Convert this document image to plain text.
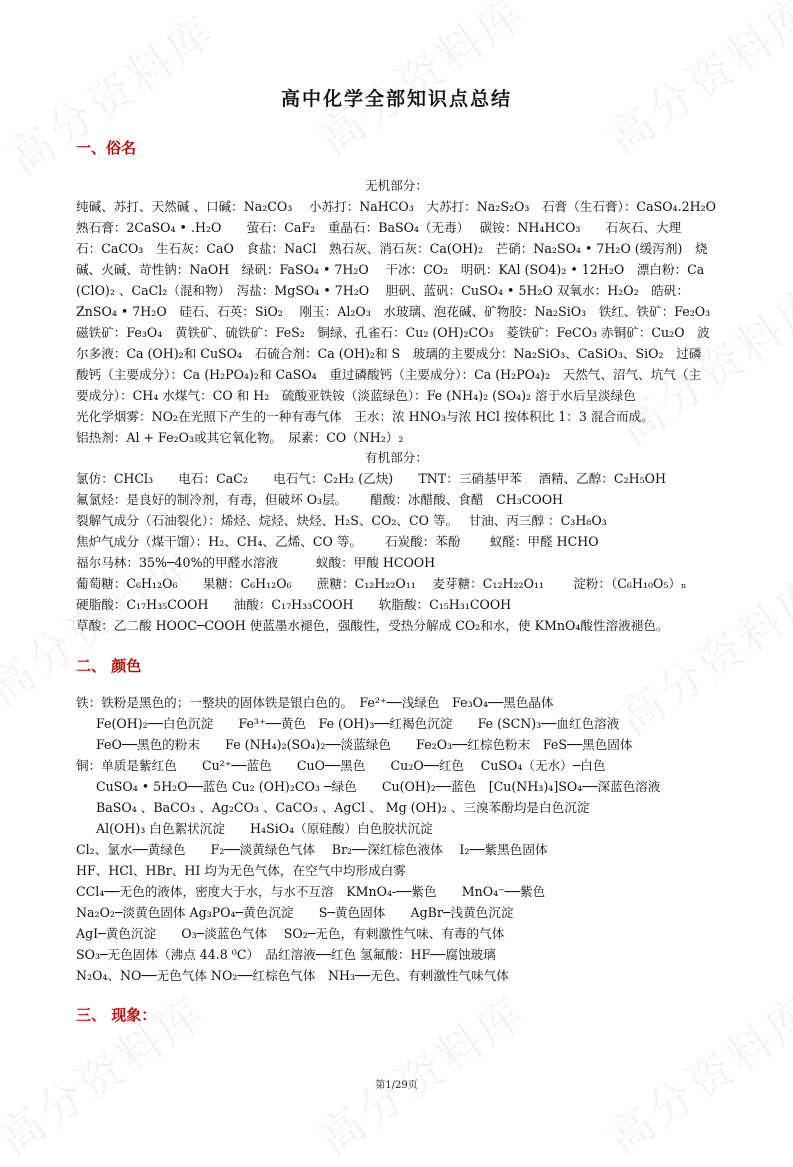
高中化学全部知识点总结
一、俗名
无机部分：
纯碱、苏打、天然碱 、口碱：Na₂CO₃　 小苏打：NaHCO₃　大苏打：Na₂S₂O₃　石膏（生石膏）：CaSO₄.2H₂O
熟石膏：2CaSO₄ • .H₂O　　萤石：CaF₂　重晶石：BaSO₄（无毒）　 碳铵：NH₄HCO₃　　石灰石、大理
石：CaCO₃　生石灰：CaO　食盐：NaCl　熟石灰、消石灰：Ca(OH)₂　芒硝：Na₂SO₄ • 7H₂O (缓泻剂)　烧
碱、火碱、苛性钠：NaOH　绿矾：FaSO₄ • 7H₂O　 干冰：CO₂　明矾：KAl (SO4)₂ • 12H₂O　漂白粉：Ca
(ClO)₂ 、CaCl₂（混和物）　泻盐：MgSO₄ • 7H₂O　 胆矾、蓝矾：CuSO₄ • 5H₂O 双氧水：H₂O₂　皓矾：
ZnSO₄ • 7H₂O　硅石、石英：SiO₂　 刚玉：Al₂O₃　水玻璃、泡花碱、矿物胶：Na₂SiO₃　铁红、铁矿：Fe₂O₃
磁铁矿：Fe₃O₄　黄铁矿、硫铁矿：FeS₂　铜绿、孔雀石：Cu₂ (OH)₂CO₃　菱铁矿：FeCO₃ 赤铜矿：Cu₂O　波
尔多液：Ca (OH)₂和 CuSO₄　石硫合剂：Ca (OH)₂和 S　玻璃的主要成分：Na₂SiO₃、CaSiO₃、SiO₂　过磷
酸钙（主要成分）：Ca (H₂PO₄)₂和 CaSO₄　重过磷酸钙（主要成分）：Ca (H₂PO₄)₂　天然气、沼气、坑气（主
要成分）：CH₄ 水煤气：CO 和 H₂　硫酸亚铁铵（淡蓝绿色）：Fe (NH₄)₂ (SO₄)₂ 溶于水后呈淡绿色
光化学烟雾：NO₂在光照下产生的一种有毒气体　王水：浓 HNO₃与浓 HCl 按体积比 1：3 混合而成。
铝热剂：Al + Fe₂O₃或其它氧化物。　尿素：CO（NH₂）₂
有机部分：
氯仿：CHCl₃　　电石：CaC₂　　电石气：C₂H₂ (乙炔)　　TNT：三硝基甲苯　 酒精、乙醇：C₂H₅OH
氟氯烃：是良好的制冷剂，有毒，但破坏 O₃层。　　 醋酸：冰醋酸、食醋　CH₃COOH
裂解气成分（石油裂化）：烯烃、烷烃、炔烃、H₂S、CO₂、CO 等。　 甘油、丙三醇 ：C₃H₈O₃
焦炉气成分（煤干馏）：H₂、CH₄、乙烯、CO 等。　　 石炭酸：苯酚　　 蚁醛：甲醛 HCHO
福尔马林：35%─40%的甲醛水溶液　　　蚁酸：甲酸 HCOOH
葡萄糖：C₆H₁₂O₆　　果糖：C₆H₁₂O₆　　蔗糖：C₁₂H₂₂O₁₁　 麦芽糖：C₁₂H₂₂O₁₁　　 淀粉：（C₆H₁₀O₅）ₙ
硬脂酸：C₁₇H₃₅COOH　　油酸：C₁₇H₃₃COOH　　软脂酸：C₁₅H₃₁COOH
草酸：乙二酸 HOOC─COOH 使蓝墨水褪色，强酸性，受热分解成 CO₂和水，使 KMnO₄酸性溶液褪色。
二、 颜色
铁：铁粉是黑色的；一整块的固体铁是银白色的。　Fe²⁺──浅绿色　Fe₃O₄──黑色晶体
Fe(OH)₂──白色沉淀　　Fe³⁺──黄色　Fe (OH)₃──红褐色沉淀　　Fe (SCN)₃──血红色溶液
FeO──黑色的粉末　　Fe (NH₄)₂(SO₄)₂──淡蓝绿色　　Fe₂O₃──红棕色粉末　FeS──黑色固体
铜：单质是紫红色　　Cu²⁺──蓝色　　CuO──黑色　　Cu₂O──红色　 CuSO₄（无水）─白色
CuSO₄ • 5H₂O──蓝色 Cu₂ (OH)₂CO₃ ─绿色　　Cu(OH)₂──蓝色　[Cu(NH₃)₄]SO₄──深蓝色溶液
BaSO₄ 、BaCO₃ 、Ag₂CO₃ 、CaCO₃ 、AgCl 、 Mg (OH)₂ 、三溴苯酚均是白色沉淀
Al(OH)₃ 白色絮状沉淀　　H₄SiO₄（原硅酸）白色胶状沉淀
Cl₂、氯水──黄绿色　　F₂──淡黄绿色气体　 Br₂──深红棕色液体　 I₂──紫黑色固体
HF、HCl、HBr、HI 均为无色气体，在空气中均形成白雾
CCl₄──无色的液体，密度大于水，与水不互溶　KMnO₄-──紫色　　MnO₄⁻──紫色
Na₂O₂─淡黄色固体 Ag₃PO₄─黄色沉淀　　S─黄色固体　　AgBr─浅黄色沉淀
AgI─黄色沉淀　　O₃─淡蓝色气体　 SO₂─无色，有剌激性气味、有毒的气体
SO₃─无色固体（沸点 44.8 ⁰C）　品红溶液──红色 氢氟酸：HF──腐蚀玻璃
N₂O₄、NO──无色气体 NO₂──红棕色气体　NH₃──无色、有剌激性气味气体
三、 现象：
第1/29页
